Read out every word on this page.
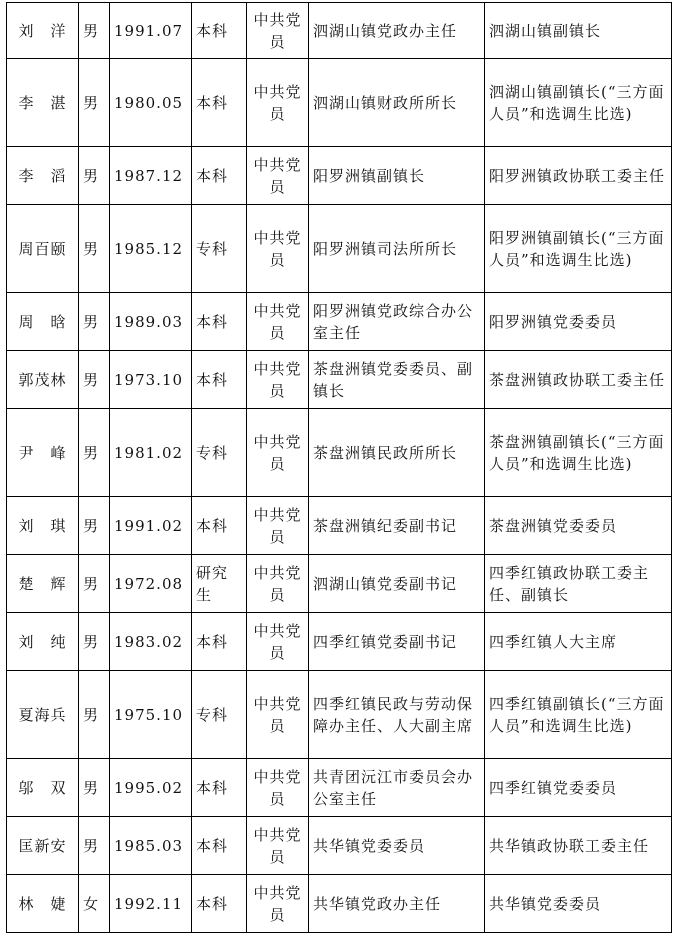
刘　洋	男	1991.07	本科	中共党员	泗湖山镇党政办主任	泗湖山镇副镇长
李　湛	男	1980.05	本科	中共党员	泗湖山镇财政所所长	泗湖山镇副镇长(“三方面人员”和选调生比选)
李　滔	男	1987.12	本科	中共党员	阳罗洲镇副镇长	阳罗洲镇政协联工委主任
周百颐	男	1985.12	专科	中共党员	阳罗洲镇司法所所长	阳罗洲镇副镇长(“三方面人员”和选调生比选)
周　晗	男	1989.03	本科	中共党员	阳罗洲镇党政综合办公室主任	阳罗洲镇党委委员
郭茂林	男	1973.10	本科	中共党员	茶盘洲镇党委委员、副镇长	茶盘洲镇政协联工委主任
尹　峰	男	1981.02	专科	中共党员	茶盘洲镇民政所所长	茶盘洲镇副镇长(“三方面人员”和选调生比选)
刘　琪	男	1991.02	本科	中共党员	茶盘洲镇纪委副书记	茶盘洲镇党委委员
楚　辉	男	1972.08	研究生	中共党员	泗湖山镇党委副书记	四季红镇政协联工委主任、副镇长
刘　纯	男	1983.02	本科	中共党员	四季红镇党委副书记	四季红镇人大主席
夏海兵	男	1975.10	专科	中共党员	四季红镇民政与劳动保障办主任、人大副主席	四季红镇副镇长(“三方面人员”和选调生比选)
邬　双	男	1995.02	本科	中共党员	共青团沅江市委员会办公室主任	四季红镇党委委员
匡新安	男	1985.03	本科	中共党员	共华镇党委委员	共华镇政协联工委主任
林　婕	女	1992.11	本科	中共党员	共华镇党政办主任	共华镇党委委员
